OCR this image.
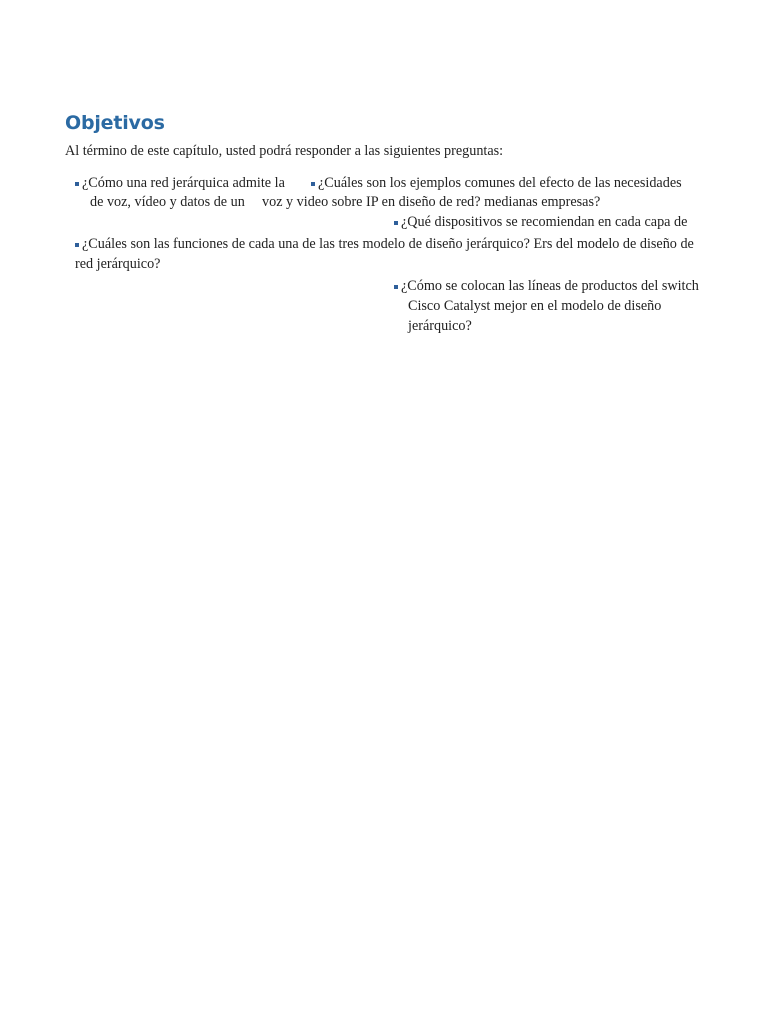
Objetivos
Al término de este capítulo, usted podrá responder a las siguientes preguntas:
¿Cómo una red jerárquica admite la	¿Cuáles son los ejemplos comunes del efecto de las necesidades
de voz, vídeo y datos de un voz y video sobre IP en diseño de red? medianas empresas?
¿Qué dispositivos se recomiendan en cada capa de
¿Cuáles son las funciones de cada una de las tres modelo de diseño jerárquico? Ers del modelo de diseño de
red jerárquico?
¿Cómo se colocan las líneas de productos del switch
Cisco Catalyst mejor en el modelo de diseño
jerárquico?
